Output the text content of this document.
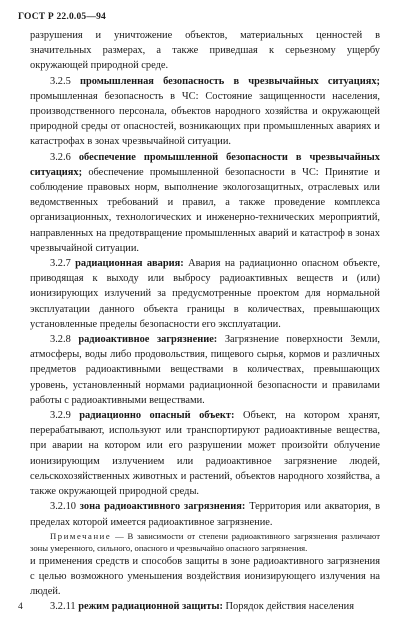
ГОСТ Р 22.0.05—94

разрушения и уничтожение объектов, материальных ценностей в значительных размерах, а также приведшая к серьезному ущербу окружающей природной среде.

3.2.5 промышленная безопасность в чрезвычайных ситуациях; промышленная безопасность в ЧС: Состояние защищенности населения, производственного персонала, объектов народного хозяйства и окружающей природной среды от опасностей, возникающих при промышленных авариях и катастрофах в зонах чрезвычайной ситуации.

3.2.6 обеспечение промышленной безопасности в чрезвычайных ситуациях; обеспечение промышленной безопасности в ЧС: Принятие и соблюдение правовых норм, выполнение экологозащитных, отраслевых или ведомственных требований и правил, а также проведение комплекса организационных, технологических и инженерно-технических мероприятий, направленных на предотвращение промышленных аварий и катастроф в зонах чрезвычайной ситуации.

3.2.7 радиационная авария: Авария на радиационно опасном объекте, приводящая к выходу или выбросу радиоактивных веществ и (или) ионизирующих излучений за предусмотренные проектом для нормальной эксплуатации данного объекта границы в количествах, превышающих установленные пределы безопасности его эксплуатации.

3.2.8 радиоактивное загрязнение: Загрязнение поверхности Земли, атмосферы, воды либо продовольствия, пищевого сырья, кормов и различных предметов радиоактивными веществами в количествах, превышающих уровень, установленный нормами радиационной безопасности и правилами работы с радиоактивными веществами.

3.2.9 радиационно опасный объект: Объект, на котором хранят, перерабатывают, используют или транспортируют радиоактивные вещества, при аварии на котором или его разрушении может произойти облучение ионизирующим излучением или радиоактивное загрязнение людей, сельскохозяйственных животных и растений, объектов народного хозяйства, а также окружающей природной среды.

3.2.10 зона радиоактивного загрязнения: Территория или акватория, в пределах которой имеется радиоактивное загрязнение.

Примечание — В зависимости от степени радиоактивного загрязнения различают зоны умеренного, сильного, опасного и чрезвычайно опасного загрязнения.

и применения средств и способов защиты в зоне радиоактивного загрязнения с целью возможного уменьшения воздействия ионизирующего излучения на людей.

3.2.11 режим радиационной защиты: Порядок действия населения

4
